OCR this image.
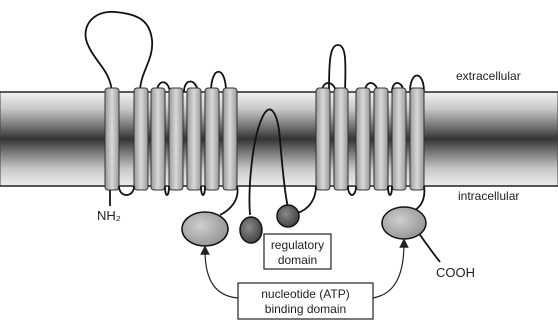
extracellular
intracellular
NH₂
COOH
regulatory
domain
nucleotide (ATP)
binding domain
